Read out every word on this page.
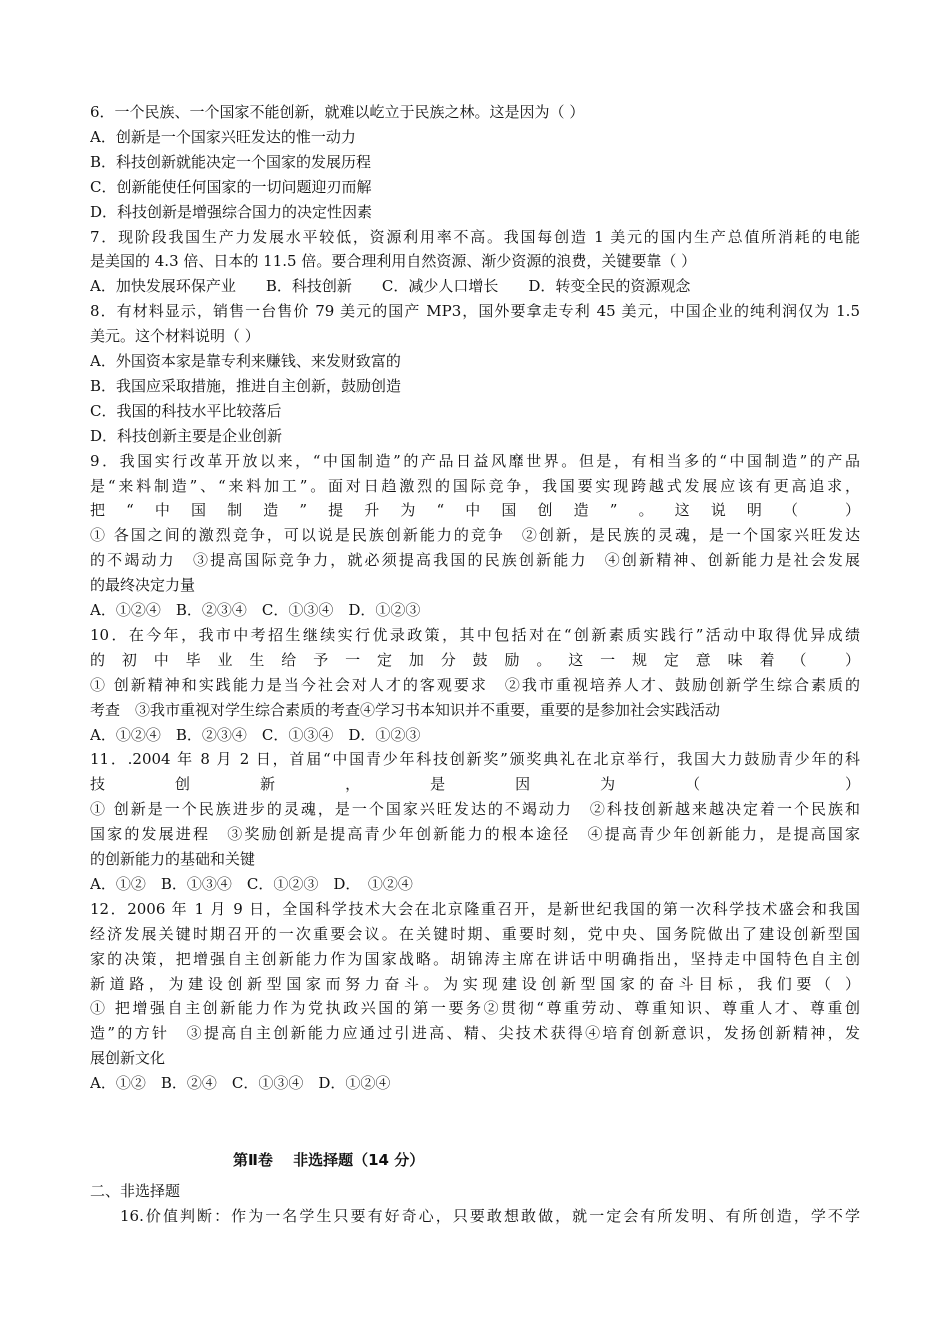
6．一个民族、一个国家不能创新，就难以屹立于民族之林。这是因为（ ）
A．创新是一个国家兴旺发达的惟一动力
B．科技创新就能决定一个国家的发展历程
C．创新能使任何国家的一切问题迎刃而解
D．科技创新是增强综合国力的决定性因素
7．现阶段我国生产力发展水平较低，资源利用率不高。我国每创造 1 美元的国内生产总值所消耗的电能
是美国的 4.3 倍、日本的 11.5 倍。要合理利用自然资源、渐少资源的浪费，关键要靠（ ）
A．加快发展环保产业　　B．科技创新　　C．减少人口增长　　D．转变全民的资源观念
8．有材料显示，销售一台售价 79 美元的国产 MP3，国外要拿走专利 45 美元，中国企业的纯利润仅为 1.5
美元。这个材料说明（ ）
A．外国资本家是靠专利来赚钱、来发财致富的
B．我国应采取措施，推进自主创新，鼓励创造
C．我国的科技水平比较落后
D．科技创新主要是企业创新
9．我国实行改革开放以来，“中国制造”的产品日益风靡世界。但是，有相当多的“中国制造”的产品
是“来料制造”、“来料加工”。面对日趋激烈的国际竞争，我国要实现跨越式发展应该有更高追求，
把“中国制造”提升为“中国创造”。这说明（ ）
① 各国之间的激烈竞争，可以说是民族创新能力的竞争　②创新，是民族的灵魂，是一个国家兴旺发达
的不竭动力　③提高国际竞争力，就必须提高我国的民族创新能力　④创新精神、创新能力是社会发展
的最终决定力量
A．①②④　B．②③④　C．①③④　D．①②③
10．在今年，我市中考招生继续实行优录政策，其中包括对在“创新素质实践行”活动中取得优异成绩
的初中毕业生给予一定加分鼓励。这一规定意味着（ ）
① 创新精神和实践能力是当今社会对人才的客观要求　②我市重视培养人才、鼓励创新学生综合素质的
考查　③我市重视对学生综合素质的考查④学习书本知识并不重要，重要的是参加社会实践活动
A．①②④　B．②③④　C．①③④　D．①②③
11．.2004 年 8 月 2 日，首届“中国青少年科技创新奖”颁奖典礼在北京举行，我国大力鼓励青少年的科
技创新，是因为（ ）
① 创新是一个民族进步的灵魂，是一个国家兴旺发达的不竭动力　②科技创新越来越决定着一个民族和
国家的发展进程　③奖励创新是提高青少年创新能力的根本途径　④提高青少年创新能力，是提高国家
的创新能力的基础和关键
A．①②　B．①③④　C．①②③　D．　①②④
12．2006 年 1 月 9 日，全国科学技术大会在北京隆重召开，是新世纪我国的第一次科学技术盛会和我国
经济发展关键时期召开的一次重要会议。在关键时期、重要时刻，党中央、国务院做出了建设创新型国
家的决策，把增强自主创新能力作为国家战略。胡锦涛主席在讲话中明确指出，坚持走中国特色自主创
新道路，为建设创新型国家而努力奋斗。为实现建设创新型国家的奋斗目标，我们要（ ）
① 把增强自主创新能力作为党执政兴国的第一要务②贯彻“尊重劳动、尊重知识、尊重人才、尊重创
造”的方针　③提高自主创新能力应通过引进高、精、尖技术获得④培育创新意识，发扬创新精神，发
展创新文化
A．①②　B．②④　C．①③④　D．①②④
第Ⅱ卷　 非选择题（14 分）
二、非选择题
16.价值判断：作为一名学生只要有好奇心，只要敢想敢做，就一定会有所发明、有所创造，学不学
